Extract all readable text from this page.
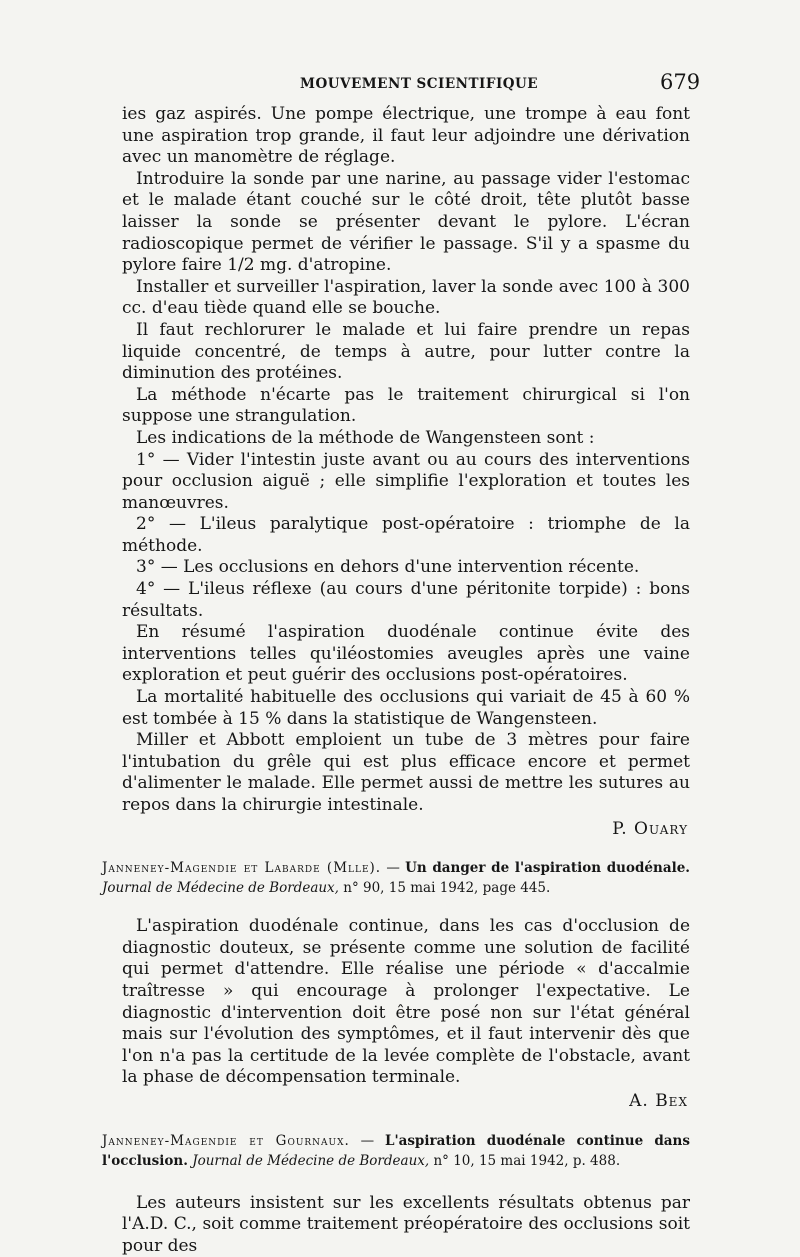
MOUVEMENT SCIENTIFIQUE	679

ies gaz aspirés. Une pompe électrique, une trompe à eau font une aspiration trop grande, il faut leur adjoindre une dérivation avec un manomètre de réglage.

Introduire la sonde par une narine, au passage vider l'estomac et le malade étant couché sur le côté droit, tête plutôt basse laisser la sonde se présenter devant le pylore. L'écran radioscopique permet de vérifier le passage. S'il y a spasme du pylore faire 1/2 mg. d'atropine.

Installer et surveiller l'aspiration, laver la sonde avec 100 à 300 cc. d'eau tiède quand elle se bouche.

Il faut rechlorurer le malade et lui faire prendre un repas liquide concentré, de temps à autre, pour lutter contre la diminution des protéines.

La méthode n'écarte pas le traitement chirurgical si l'on suppose une strangulation.

Les indications de la méthode de Wangensteen sont :

1° — Vider l'intestin juste avant ou au cours des interventions pour occlusion aiguë ; elle simplifie l'exploration et toutes les manœuvres.

2° — L'ileus paralytique post-opératoire : triomphe de la méthode.

3° — Les occlusions en dehors d'une intervention récente.

4° — L'ileus réflexe (au cours d'une péritonite torpide) : bons résultats.

En résumé l'aspiration duodénale continue évite des interventions telles qu'iléostomies aveugles après une vaine exploration et peut guérir des occlusions post-opératoires.

La mortalité habituelle des occlusions qui variait de 45 à 60 % est tombée à 15 % dans la statistique de Wangensteen.

Miller et Abbott emploient un tube de 3 mètres pour faire l'intubation du grêle qui est plus efficace encore et permet d'alimenter le malade. Elle permet aussi de mettre les sutures au repos dans la chirurgie intestinale.

P. Ouary

Janneney-Magendie et Labarde (Mlle). — Un danger de l'aspiration duodénale. Journal de Médecine de Bordeaux, n° 90, 15 mai 1942, page 445.

L'aspiration duodénale continue, dans les cas d'occlusion de diagnostic douteux, se présente comme une solution de facilité qui permet d'attendre. Elle réalise une période « d'accalmie traîtresse » qui encourage à prolonger l'expectative. Le diagnostic d'intervention doit être posé non sur l'état général mais sur l'évolution des symptômes, et il faut intervenir dès que l'on n'a pas la certitude de la levée complète de l'obstacle, avant la phase de décompensation terminale.

A. Bex

Janneney-Magendie et Gournaux. — L'aspiration duodénale continue dans l'occlusion. Journal de Médecine de Bordeaux, n° 10, 15 mai 1942, p. 488.

Les auteurs insistent sur les excellents résultats obtenus par l'A.D. C., soit comme traitement préopératoire des occlusions soit pour des
